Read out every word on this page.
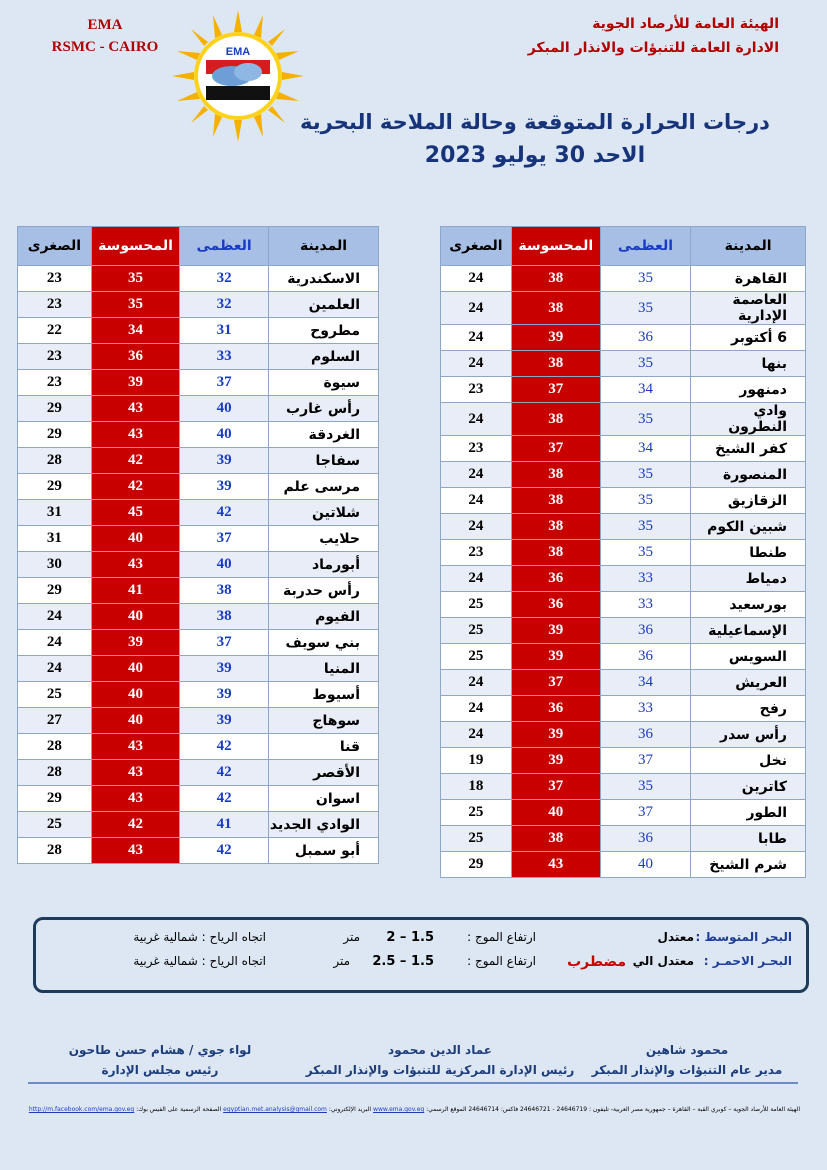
EMA
RSMC - CAIRO	EMA
الهيئة العامة للأرصاد الجوية
الادارة العامة للتنبؤات والانذار المبكر
درجات الحرارة المتوقعة وحالة الملاحة البحرية
الاحد 30 يوليو 2023
المدينة	العظمى	المحسوسة	الصغرى
القاهرة	35	38	24
العاصمة الإدارية	35	38	24
6 أكتوبر	36	39	24
بنها	35	38	24
دمنهور	34	37	23
وادي النطرون	35	38	24
كفر الشيخ	34	37	23
المنصورة	35	38	24
الزقازيق	35	38	24
شبين الكوم	35	38	24
طنطا	35	38	23
دمياط	33	36	24
بورسعيد	33	36	25
الإسماعيلية	36	39	25
السويس	36	39	25
العريش	34	37	24
رفح	33	36	24
رأس سدر	36	39	24
نخل	37	39	19
كاترين	35	37	18
الطور	37	40	25
طابا	36	38	25
شرم الشيخ	40	43	29
المدينة	العظمى	المحسوسة	الصغرى
الاسكندرية	32	35	23
العلمين	32	35	23
مطروح	31	34	22
السلوم	33	36	23
سيوة	37	39	23
رأس غارب	40	43	29
الغردقة	40	43	29
سفاجا	39	42	28
مرسى علم	39	42	29
شلاتين	42	45	31
حلايب	37	40	31
أبورماد	40	43	30
رأس حدربة	38	41	29
الفيوم	38	40	24
بني سويف	37	39	24
المنيا	39	40	24
أسيوط	39	40	25
سوهاج	39	40	27
قنا	42	43	28
الأقصر	42	43	28
اسوان	42	43	29
الوادي الجديد	41	42	25
أبو سمبل	42	43	28
البحر المتوسط :
معتدل
ارتفاع الموج :
1.5 – 2
متر
اتجاه الرياح : شمالية غربية
البحـر الاحمـر :
معتدل الي
مضطرب
ارتفاع الموج :
1.5 – 2.5
متر
اتجاه الرياح : شمالية غربية
محمود شاهين
مدير عام التنبؤات والإنذار المبكر
عماد الدين محمود
رئيس الإدارة المركزية للتنبؤات والإنذار المبكر
لواء جوي / هشام حسن طاحون
رئيس مجلس الإدارة
الهيئة العامة للأرصاد الجوية – كوبري القبة – القاهرة – جمهورية مصر العربية- تليفون : 24646719 - 24646721 فاكس: 24646714 الموقع الرسمي: www.ema.gov.eg البريد الإلكتروني: egyptian.met.analysis@gmail.com الصفحة الرسمية على الفيس بوك: http://m.facebook.com/ema.gov.eg
